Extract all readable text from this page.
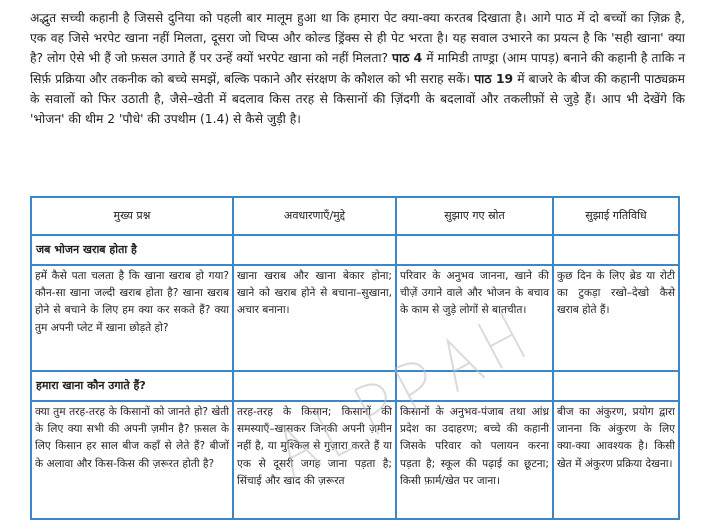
अद्भुत सच्ची कहानी है जिससे दुनिया को पहली बार मालूम हुआ था कि हमारा पेट क्या-क्या करतब दिखाता है। आगे पाठ में दो बच्चों का ज़िक्र है, एक वह जिसे भरपेट खाना नहीं मिलता, दूसरा जो चिप्स और कोल्ड ड्रिंक्स से ही पेट भरता है। यह सवाल उभारने का प्रयत्न है कि 'सही खाना' क्या है? लोग ऐसे भी हैं जो फ़सल उगाते हैं पर उन्हें क्यों भरपेट खाना को नहीं मिलता? पाठ 4 में मामिडी ताण्ड्रा (आम पापड़) बनाने की कहानी है ताकि न सिर्फ़ प्रक्रिया और तकनीक को बच्चे समझें, बल्कि पकाने और संरक्षण के कौशल को भी सराह सकें। पाठ 19 में बाजरे के बीज की कहानी पाठ्यक्रम के सवालों को फिर उठाती है, जैसे–खेती में बदलाव किस तरह से किसानों की ज़िंदगी के बदलावों और तकलीफ़ों से जुड़े हैं। आप भी देखेंगे कि 'भोजन' की थीम 2 'पौधे' की उपथीम (1.4) से कैसे जुड़ी है।

मुख्य प्रश्न	अवधारणाएँ/मुद्दे	सुझाए गए स्रोत	सुझाई गतिविधि
जब भोजन खराब होता है			
हमें कैसे पता चलता है कि खाना खराब हो गया? कौन-सा खाना जल्दी खराब होता है? खाना खराब होने से बचाने के लिए हम क्या कर सकते हैं? क्या तुम अपनी प्लेट में खाना छोड़ते हो?	खाना खराब और खाना बेकार होना; खाने को खराब होने से बचाना–सुखाना, अचार बनाना।	परिवार के अनुभव जानना, खाने की चीज़ें उगाने वाले और भोजन के बचाव के काम से जुड़े लोगों से बातचीत।	कुछ दिन के लिए ब्रेड या रोटी का टुकड़ा रखो–देखो कैसे खराब होते हैं।
हमारा खाना कौन उगाते हैं?			

क्या तुम तरह-तरह के किसानों को जानते हो? खेती के लिए क्या सभी की अपनी ज़मीन है? फ़सल के लिए किसान हर साल बीज कहाँ से लेते हैं? बीजों के अलावा और किस-किस की ज़रूरत होती है?	तरह-तरह के किसान; किसानों की समस्याएँ–खासकर जिनकी अपनी ज़मीन नहीं है, या मुश्किल से गुज़ारा करते हैं या एक से दूसरी जगह जाना पड़ता है; सिंचाई और खाद की ज़रूरत	किसानों के अनुभव-पंजाब तथा आंध्र प्रदेश का उदाहरण; बच्चे की कहानी जिसके परिवार को पलायन करना पड़ता है; स्कूल की पढ़ाई का छूटना; किसी फ़ार्म/खेत पर जाना।	बीज का अंकुरण, प्रयोग द्वारा जानना कि अंकुरण के लिए क्या-क्या आवश्यक है। किसी खेत में अंकुरण प्रक्रिया देखना।
